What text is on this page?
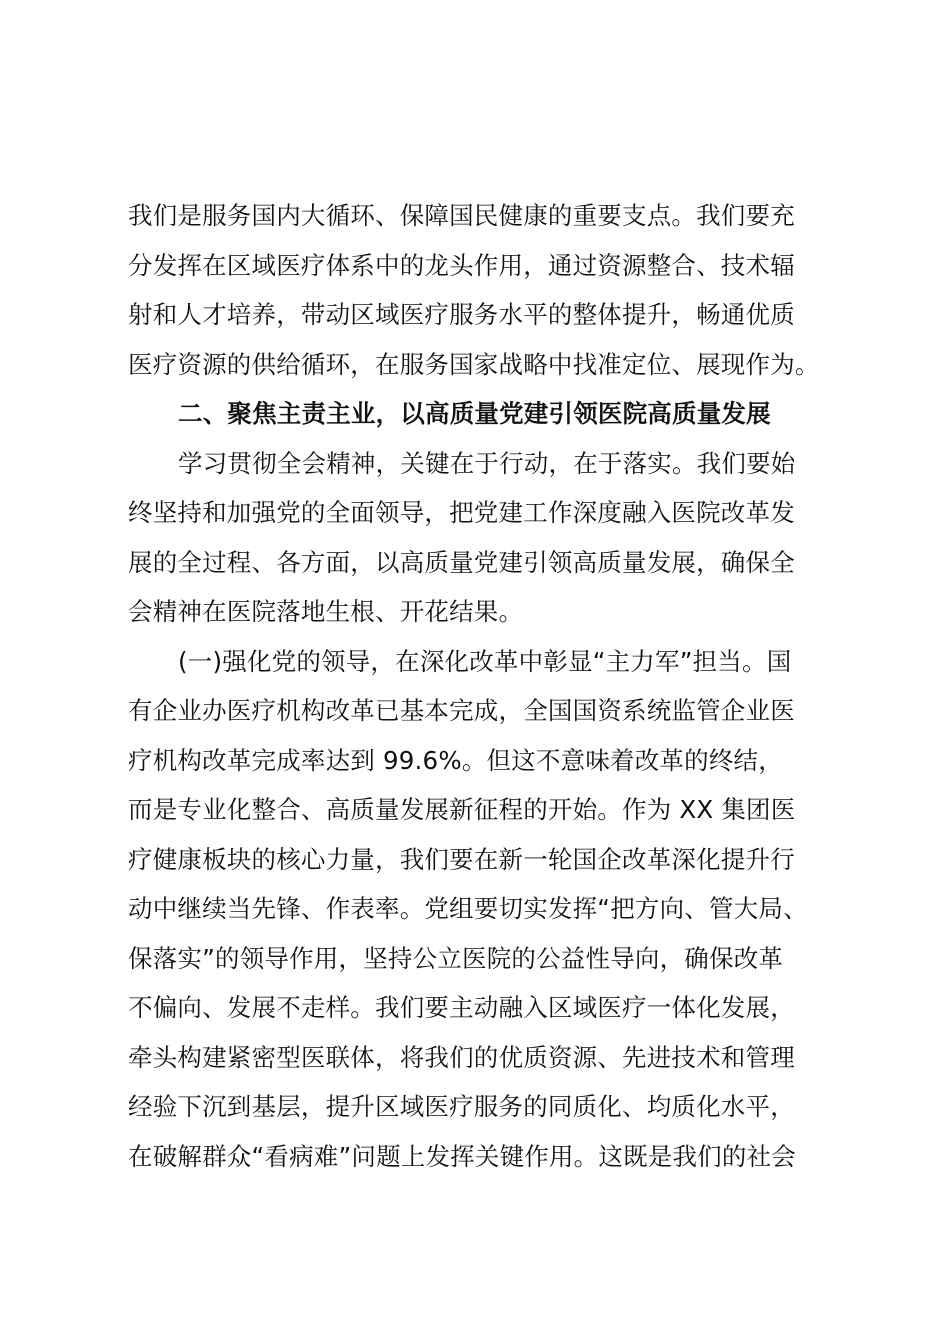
我们是服务国内大循环、保障国民健康的重要支点。我们要充
分发挥在区域医疗体系中的龙头作用，通过资源整合、技术辐
射和人才培养，带动区域医疗服务水平的整体提升，畅通优质
医疗资源的供给循环，在服务国家战略中找准定位、展现作为。
二、聚焦主责主业，以高质量党建引领医院高质量发展
学习贯彻全会精神，关键在于行动，在于落实。我们要始
终坚持和加强党的全面领导，把党建工作深度融入医院改革发
展的全过程、各方面，以高质量党建引领高质量发展，确保全
会精神在医院落地生根、开花结果。
(一)强化党的领导，在深化改革中彰显“主力军”担当。国
有企业办医疗机构改革已基本完成，全国国资系统监管企业医
疗机构改革完成率达到 99.6%。但这不意味着改革的终结，
而是专业化整合、高质量发展新征程的开始。作为 XX 集团医
疗健康板块的核心力量，我们要在新一轮国企改革深化提升行
动中继续当先锋、作表率。党组要切实发挥“把方向、管大局、
保落实”的领导作用，坚持公立医院的公益性导向，确保改革
不偏向、发展不走样。我们要主动融入区域医疗一体化发展，
牵头构建紧密型医联体，将我们的优质资源、先进技术和管理
经验下沉到基层，提升区域医疗服务的同质化、均质化水平，
在破解群众“看病难”问题上发挥关键作用。这既是我们的社会
